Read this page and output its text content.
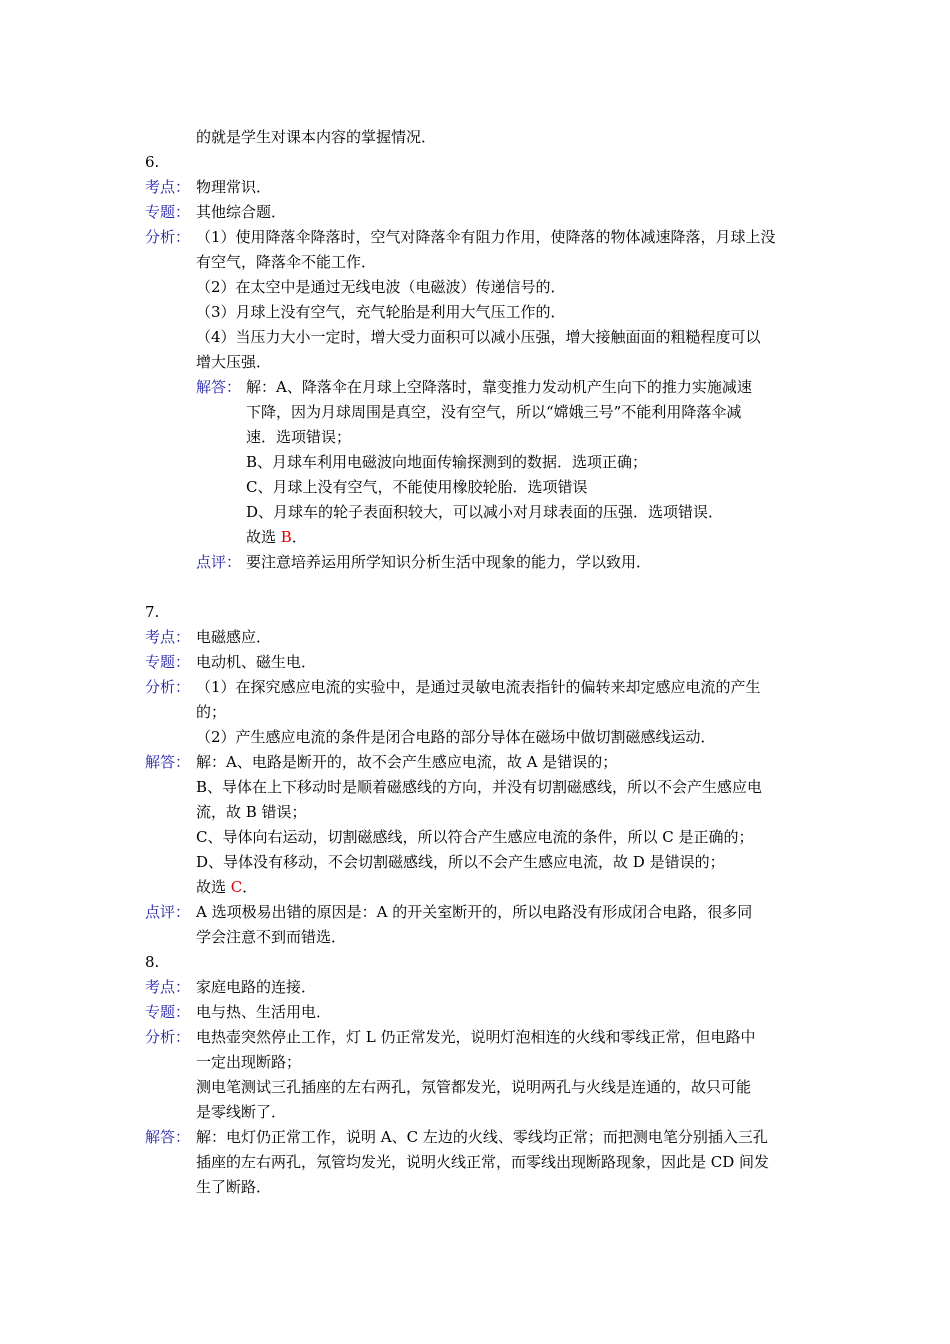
的就是学生对课本内容的掌握情况．
6.
考点： 物理常识．
专题： 其他综合题．
分析： （1）使用降落伞降落时，空气对降落伞有阻力作用，使降落的物体减速降落，月球上没
有空气，降落伞不能工作．
（2）在太空中是通过无线电波（电磁波）传递信号的．
（3）月球上没有空气，充气轮胎是利用大气压工作的．
（4）当压力大小一定时，增大受力面积可以减小压强，增大接触面面的粗糙程度可以
增大压强．
解答： 解：A、降落伞在月球上空降落时，靠变推力发动机产生向下的推力实施减速
下降，因为月球周围是真空，没有空气，所以“嫦娥三号”不能利用降落伞减
速．选项错误；
B、月球车利用电磁波向地面传输探测到的数据．选项正确；
C、月球上没有空气，不能使用橡胶轮胎．选项错误
D、月球车的轮子表面积较大，可以减小对月球表面的压强．选项错误．
故选 B．
点评： 要注意培养运用所学知识分析生活中现象的能力，学以致用．
7.
考点： 电磁感应．
专题： 电动机、磁生电．
分析： （1）在探究感应电流的实验中，是通过灵敏电流表指针的偏转来却定感应电流的产生
的；
（2）产生感应电流的条件是闭合电路的部分导体在磁场中做切割磁感线运动．
解答： 解：A、电路是断开的，故不会产生感应电流，故 A 是错误的；
B、导体在上下移动时是顺着磁感线的方向，并没有切割磁感线，所以不会产生感应电
流，故 B 错误；
C、导体向右运动，切割磁感线，所以符合产生感应电流的条件，所以 C 是正确的；
D、导体没有移动，不会切割磁感线，所以不会产生感应电流，故 D 是错误的；
故选 C．
点评： A 选项极易出错的原因是：A 的开关室断开的，所以电路没有形成闭合电路，很多同
学会注意不到而错选．
8.
考点： 家庭电路的连接．
专题： 电与热、生活用电．
分析： 电热壶突然停止工作，灯 L 仍正常发光，说明灯泡相连的火线和零线正常，但电路中
一定出现断路；
测电笔测试三孔插座的左右两孔，氖管都发光，说明两孔与火线是连通的，故只可能
是零线断了．
解答： 解：电灯仍正常工作，说明 A、C 左边的火线、零线均正常；而把测电笔分别插入三孔
插座的左右两孔，氖管均发光，说明火线正常，而零线出现断路现象，因此是 CD 间发
生了断路．
